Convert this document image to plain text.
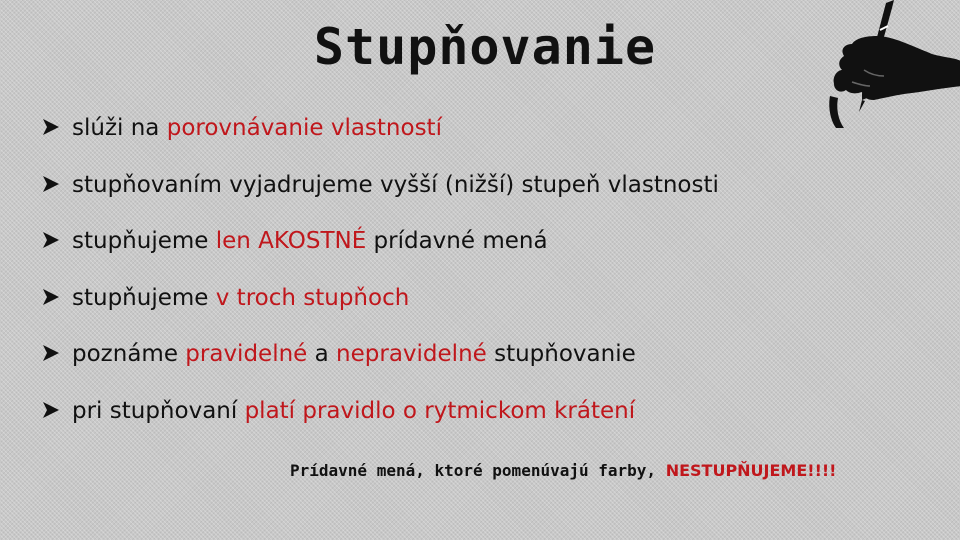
Stupňovanie
slúži na porovnávanie vlastností
stupňovaním vyjadrujeme vyšší (nižší) stupeň vlastnosti
stupňujeme len AKOSTNÉ prídavné mená
stupňujeme v troch stupňoch
poznáme pravidelné a nepravidelné stupňovanie
pri stupňovaní platí pravidlo o rytmickom krátení
Prídavné mená, ktoré pomenúvajú farby, NESTUPŇUJEME!!!!
